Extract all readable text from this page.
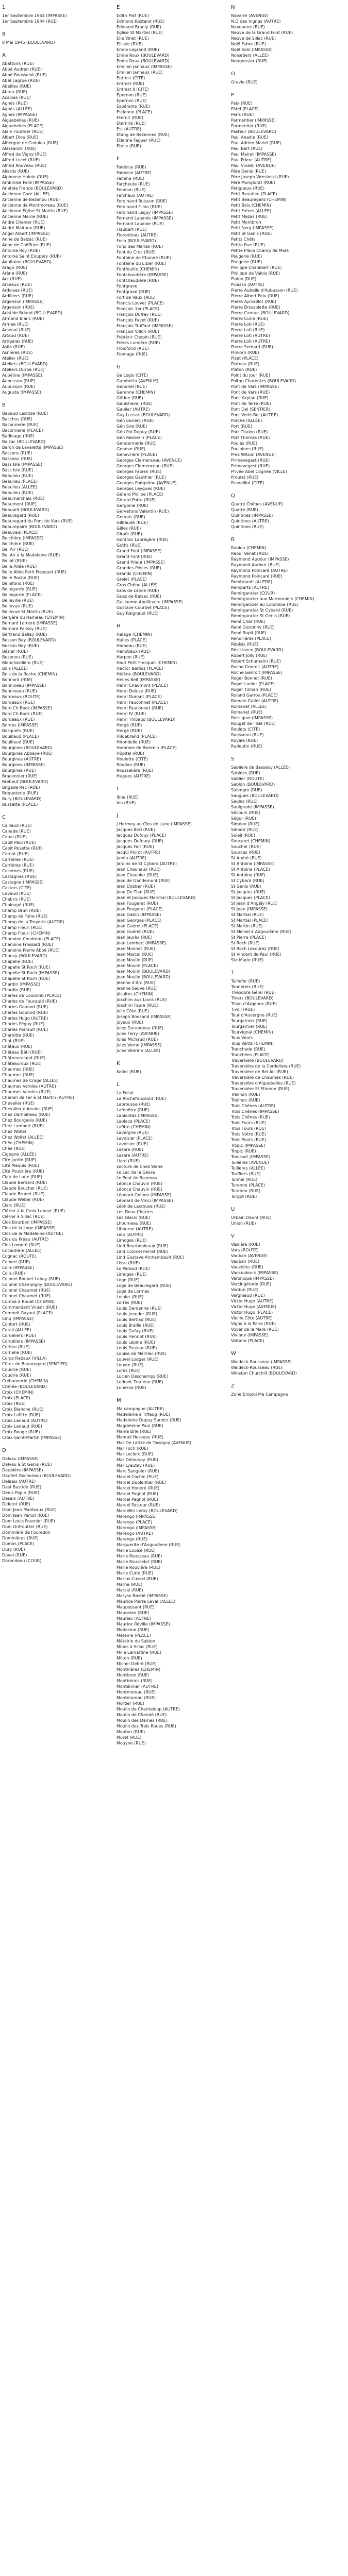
1
1er Septembre 1944 (IMPASSE)
1er Septembre 1944 (RUE)
8
8 Mai 1945 (BOULEVARD)
A
Abattoirs (RUE)
Abbé Audren (RUE)
Abbé Rousselot (RUE)
Abel Lagrue (RUE)
Abeilles (RUE)
Abreu (RUE)
Acacias (RUE)
Agnès (RUE)
Agnès (ALLÉE)
Agnes (IMPASSE)
Aiguebelles (RUE)
Aiguebelles (PLACE)
Alain Fournier (RUE)
Albert Diou (RUE)
Albergue de Cadaleu (RUE)
Alessandri (RUE)
Alfred de Vigny (RUE)
Alfred Lucet (RUE)
Alfred Rouveau (RUE)
Allards (RUE)
Alphonse Haloin (RUE)
Ambroise Paré (IMPASSE)
Anatole France (BOULEVARD)
Ancienne Gare (ALLÉE)
Ancienne de Bezenou (RUE)
Ancienne de Montmoreau (RUE)
Ancienne Église St Martin (RUE)
Ancienne Mairie (RUE)
André Chenier (RUE)
André Malraux (RUE)
Angel Albert (IMPASSE)
Anne de Balzac (RUE)
Anne de Coëffure (RUE)
Antoine Roy (RUE)
Antoine Saint Exupéry (RUE)
Aquitaine (BOULEVARD)
Arago (RUE)
Arène (RUE)
Arc (RUE)
Arceaux (RUE)
Ardoises (RUE)
Ardilliers (RUE)
Argenson (IMPASSE)
Argenson (RUE)
Aristide Briand (BOULEVARD)
Armand Blanc (RUE)
Armée (RUE)
Arsenal (RUE)
Artaud (RUE)
Artigalas (RUE)
Asile (RUE)
Asnières (RUE)
Atelier (RUE)
Ateliers (BOULEVARD)
Ateliers Durbe (RUE)
Aubéline (IMPASSE)
Aubusson (RUE)
Aubusson (RUE)
Auguste (IMPASSE)
B
Babaud Lacroze (RUE)
Bacchus (RUE)
Baconnerie (RUE)
Baconnerie (PLACE)
Badinage (RUE)
Balzac (BOULEVARD)
Baron de Lavalette (IMPASSE)
Bassens (RUE)
Basseau (RUE)
Bass Isle (IMPASSE)
Bass Isle (RUE)
Beaulieu (RUE)
Beaulieu (PLACE)
Beaulieu (ALLÉE)
Beaulieu (RUE)
Beaumarchais (RUE)
Beaumont (RUE)
Beaupré (BOULEVARD)
Beauregard (RUE)
Beauregard du Pont de Vars (RUE)
Beaurepaire (BOULEVARD)
Beauvais (PLACE)
Belchière (IMPASSE)
Belchière (RUE)
Bel Air (RUE)
Bel Air à la Madeleine (RUE)
Bellat (RUE)
Belle Allée (RUE)
Belle Allée Petit Fresquet (RUE)
Belle Roche (RUE)
Bellefond (RUE)
Bellegarde (RUE)
Bellegarde (PLACE)
Belleville (RUE)
Bellevue (RUE)
Bellevue St Martin (RUE)
Bergère du Hameau (CHEMIN)
Bernard Lomeré (IMPASSE)
Bernard Palissy (RUE)
Bertrand Ballay (RUE)
Besson Bey (BOULEVARD)
Besson Bey (RUE)
Bézier (RUE)
Bezenou (RUE)
Blanchardière (RUE)
Bois (ALLÉE)
Bois de la Roche (CHEMIN)
Bonnard (RUE)
Bonniveau (IMPASSE)
Bonniveau (RUE)
Bordeaux (ROUTE)
Bordeaux (RUE)
Bord Ch.Bock (IMPASSE)
Bord Ch.Bock (RUE)
Bordeaux (RUE)
Bordes (IMPASSE)
Bosquets (RUE)
Bouillaud (PLACE)
Bouillaud (RUE)
Bourgines (BOULEVARD)
Bourgines Abbaye (RUE)
Bourgines (AUTRE)
Bourgines (IMPASSE)
Bourgines (RUE)
Braconnier (RUE)
Brebeuf (BOULEVARD)
Brigade Rac (RUE)
Briqueterie (RUE)
Bury (BOULEVARD)
Bussatte (PLACE)
C
Caillaud (RUE)
Canada (RUE)
Canal (RUE)
Capit Paul (RUE)
Capit Rosette (RUE)
Carnot (RUE)
Carrières (RUE)
Carrières (RUE)
Casernes (RUE)
Castagnes (RUE)
Castagne (IMPASSE)
Castors (CITÉ)
Cavaud (RUE)
Chabris (RUE)
Chaloupé (RUE)
Champ Brun (RUE)
Champ de Foire (RUE)
Champ de la Treyerie (AUTRE)
Champ Fleuri (RUE)
Champ Fleuri (CHEMIN)
Chanoine Coudreau (PLACE)
Chanoine Frossard (RUE)
Chanoine Pierre Abbé (RUE)
Chanzy (BOULEVARD)
Chapelle (RUE)
Chapelle St Roch (RUE)
Chapelle St Roch (IMPASSE)
Chapelle St Roch (RUE)
Chardin (IMPASSE)
Chardin (RUE)
Charles de Coulomb (PLACE)
Charles de Foucauld (RUE)
Charles Gounod (RUE)
Charles Gounod (RUE)
Charles Hugo (AUTRE)
Charles Péguy (RUE)
Charles Perrault (RUE)
Charlotte (RUE)
Chat (RUE)
Châtaux (RUE)
Château Bâti (RUE)
Châteauroland (RUE)
Châteauroux (RUE)
Chaumes (RUE)
Chaumes (RUE)
Chaumes de Crage (ALLÉE)
Chaumes Varoles (AUTRE)
Chaumes Varoles (RUE)
Chemin de Fer à St Martin (AUTRE)
Chevalier (RUE)
Chevalier d'Anaies (RUE)
Chez Darnoilleau (RUE)
Chez Bourgeois (RUE)
Chez Lambert (RUE)
Chez Wollet
Chez Wollet (ALLÉE)
Chêe (CHEMIN)
Chêe (RUE)
Cigogne (ALLÉE)
Cité Jardin (RUE)
Cité Maquis (RUE)
Cité Poudrière (RUE)
Clair de Lune (RUE)
Claude Bernard (RUE)
Claude Boucher (RUE)
Claude Brunet (RUE)
Claude Weber (RUE)
Clerc (RUE)
Clérier à la Croix Lahaut (RUE)
Clérier à Sillac (RUE)
Clos Bourbon (IMPASSE)
Clos de la Loge (IMPASSE)
Clos de la Madeleine (AUTRE)
Clos du Préau (AUTRE)
Clos Lomeré (RUE)
Cocardière (ALLÉE)
Cognac (ROUTE)
Colbert (RUE)
Colis (IMPASSE)
Colis (RUE)
Colonel Bonnet Lobay (RUE)
Colonel Champigny (BOULEVARD)
Colonel Chaumet (RUE)
Colonel Chaumet (RUE)
Combe à Rouet (CHEMIN)
Commandant Vinsot (RUE)
Commdt Rayaul (PLACE)
Cinq (IMPASSE)
Confort (RUE)
Corail (ALLÉE)
Cordeliers (RUE)
Cordeliers (IMPASSE)
Corlieu (RUE)
Cornelle (RUE)
Corps Rabaux (VILLA)
Côtes de Beauregard (SENTIER)
Coudrie (RUE)
Coudrie (RUE)
Crebannerie (CHEMIN)
Crimée (BOULEVARD)
Croix (CHEMIN)
Croix (PLACE)
Croix (RUE)
Croix Blanche (RUE)
Croix Lafitte (RUE)
Croix Lanaud (AUTRE)
Croix Lanaud (RUE)
Croix Rouge (RUE)
Croix-Saint-Martin (IMPASSE)
D
Dalvau (IMPASSE)
Dalvau à St Genis (RUE)
Daubière (IMPASSE)
Daufert Rochereau (BOULEVARD)
Delaais (AUTRE)
Dest Bastide (RUE)
Denis Papin (RUE)
Desaix (AUTRE)
Diderot (RUE)
Dom Jean Marévaux (RUE)
Dom Jean Penoit (RUE)
Dom Louis Fournier (RUE)
Dom Onfroutter (RUE)
Dominière de Fouredon
Dominières (RUE)
Dumas (PLACE)
Dury (RUE)
Duval (RUE)
Dorandeau (COUR)
E
Edith Piaf (RUE)
Edmond Rostand (RUE)
Edouard Branly (RUE)
Église St Martial (RUE)
Elie Vinet (RUE)
Ellisée (RUE)
Emile Legrand (RUE)
Émile Roux (BOULEVARD)
Émile Roux (BOULEVARD)
Emilien Jannaux (IMPASSE)
Emilien Jannaux (RUE)
Entrest (CITÉ)
Entrest (RUE)
Entrest II (CITÉ)
Épernon (RUE)
Épernon (RUE)
Espérants (RUE)
Estienne (PLACE)
Eternit (RUE)
Eternité (RUE)
Est (AUTRE)
Étang de Bezennes (RUE)
Étienne Faguer (RUE)
Étoile (RUE)
F
Faidoise (RUE)
Faidoise (AUTRE)
Famine (RUE)
Farcheute (RUE)
Fenelon (RUE)
Ferchaux (AUTRE)
Ferdinand Buisson (RUE)
Ferdinand Fillon (RUE)
Ferdinand Leguy (IMPASSE)
Fernand Lapanie (IMPASSE)
Fernand Lapanie (RUE)
Flaubert (RUE)
Florentines (AUTRE)
Foch (BOULEVARD)
Fond des Marias (RUE)
Font du Croc (RUE)
Fontaine de Chandé (RUE)
Fontaine du Lizier (RUE)
Fontfeuille (CHEMIN)
Fontchaudière (IMPASSE)
Fontchaudière (RUE)
Fontgrave
Fontgrave (RUE)
Fort de Vaux (RUE)
Francis Louvet (PLACE)
François 1er (PLACE)
François Dufray (RUE)
François Favet (RUE)
François Truffaut (IMPASSE)
François Villon (RUE)
Frédéric Chopin (RUE)
Frères Lumière (RUE)
Froidfond (RUE)
Fromage (RUE)
G
Ga Logis (CITÉ)
Gambetta (AVENUE)
Gandhel (RUE)
Garenne (CHEMIN)
Gâtine (RUE)
Gaulcheval (RUE)
Gaulier (AUTRE)
Gay Lussac (BOULEVARD)
Gén Leclerc (RUE)
Gén Sire (RUE)
Gén Pol Dupuy (RUE)
Gén Resnerin (PLACE)
Gendarmerie (RUE)
Genève (RUE)
Genevrière (PLACE)
Georges Clemenceau (AVENUE)
Georges Clemenceau (RUE)
Georges Fabien (RUE)
Georges Gauthier (RUE)
Georges Pompidou (AVENUE)
Georges Leygues (RUE)
Gérard Philipe (PLACE)
Gérard Potte (RUE)
Gergonie (RUE)
Gervetons Valentin (RUE)
Gervais (RUE)
Gilbaudé (RUE)
Gilles (RUE)
Girafe (RUE)
Gontran Labrégère (RUE)
Goths (RUE)
Grand Font (IMPASSE)
Grand Font (RUE)
Grand Prieur (IMPASSE)
Grandes Pièces (RUE)
Grands (CHEMIN)
Grelet (PLACE)
Gros Chêne (ALLÉE)
Gros de Lance (RUE)
Guez de Balzac (RUE)
Guillaume Apollinaire (IMPASSE)
Gustave Courbet (PLACE)
Guy Raignaud (RUE)
H
Halage (CHEMIN)
Halles (PLACE)
Hameau (RUE)
Hanotiaux (RUE)
Harpon (RUE)
Haut Petit Fresquet (CHEMIN)
Hector Berlioz (PLACE)
Hélène (BOULEVARD)
Helles Bell (IMPASSE)
Henri Chaumont (PLACE)
Henri Deluze (RUE)
Henri Dunant (PLACE)
Henri Fauconnet (PLACE)
Henri Fauconnet (RUE)
Henri IV (RUE)
Henri Thibaud (BOULEVARD)
Hergé (RUE)
Hergé (RUE)
Hildebrand (PLACE)
Hirondelle (RUE)
Hommes de Bezenin (PLACE)
Hôpital (RUE)
Houlette (CITÉ)
Roudan (RUE)
Rousselière (RUE)
Hugues (AUTRE)
I
Ibna (RUE)
Iris (RUE)
J
J Hermey au Clos de Lune (IMPASSE)
Jacques Brel (RUE)
Jacques Dufouy (PLACE)
Jacques Dufoury (RUE)
Jacques Fait (RUE)
Jacqui Poirot (AUTRE)
Jamin (AUTRE)
Jardins de St Cybard (AUTRE)
Jean Chaunaux (RUE)
Jean Chaunier (RUE)
Jean de Gandemont (RUE)
Jean Dobber (RUE)
Jean De Tian (RUE)
Jean et Jacques Marchal (BOULEVARD)
Jean Fougerat (RUE)
Jean Fougerat (PLACE)
Jean Gabin (IMPASSE)
Jean Georges (PLACE)
Jean Guéret (PLACE)
Jean Guéret (RUE)
Jean Jaurès (RUE)
Jean Lambert (IMPASSE)
Jean Monnet (RUE)
Jean Marcel (RUE)
Jean Moulin (RUE)
Jean Moulin (PLACE)
Jean Moulin (BOULEVARD)
Jean Moulin (BOULEVARD)
Jeanne d'Arc (RUE)
Jeanne Sauve (RUE)
Jésuites (CHEMIN)
Joachim aux Lions (RUE)
Joachim Faure (RUE)
Jolie Côte (RUE)
Joseph Bodsand (IMPASSE)
Joyeux (RUE)
Jules Durandeau (RUE)
Jules Ferry (AVENUE)
Jules Michaud (RUE)
Jules Verne (IMPASSE)
Jules Védrine (ALLÉE)
K
Keller (RUE)
L
La Foliat
La Rochefoucauld (RUE)
Labrousse (RUE)
Lafenêtre (RUE)
Lapiantas (IMPASSE)
Laplace (PLACE)
Lafitte (CHEMIN)
Lavergne (RUE)
Lavoisier (PLACE)
Lavoisier (RUE)
Lazare (RUE)
Lazare (AUTRE)
Liard (RUE)
Lecture de Chez Wehe
Le Lac de la Gesse
Le Pont de Bezenou
Léonce Chauvin (RUE)
Léonce Chauvin (RUE)
Léonard Goinon (IMPASSE)
Léonard de Vinci (IMPASSE)
Léonide Lacrouse (RUE)
Les Deux Chartes
Les Glacis (RUE)
Lhoumeau (RUE)
Libourne (AUTRE)
Lido (AUTRE)
Limoges (RUE)
Lind Bourbouleaux (RUE)
Lind Colonel Ferrat (RUE)
Lind Gustave Archambault (RUE)
Lisse (RUE)
Lo Paraud (RUE)
Limoges (RUE)
Loge (RUE)
Loge de Beauregard (RUE)
Loge de Lormes
Loinier (RUE)
Lorrés (RUE)
Louis Dardenne (RUE)
Louis Jeander (RUE)
Louis Bertiad (RUE)
Louis Braille (RUE)
Louis Dufay (RUE)
Louis Henriot (RUE)
Louis Lépine (RUE)
Louis Pasteur (RUE)
Louise de Mérillac (RUE)
Louvel Lodger (RUE)
Louvre (RUE)
Lorès (RUE)
Lucien Deschamps (RUE)
Ludovic Trarieux (RUE)
Lunesse (RUE)
M
Ma campagne (AUTRE)
Madeleine à Tiffaug (RUE)
Madeleine Dupuy Sarnicr (RUE)
Magdeleine Paul (RUE)
Maine Brie (RUE)
Manuel Hesseau (RUE)
Mar De Lattre de Tassigny (AVENUE)
Mar Foch (RUE)
Mar Leclerc (RUE)
Mar Delaunay (RUE)
Mar Lyautey (RUE)
Marc Sangnier (RUE)
Marcel Cachin (RUE)
Marcel Duplantier (RUE)
Marcel Honoré (RUE)
Marcel Pagnol (RUE)
Marcel Pagnol (RUE)
Marcel Pasteur (RUE)
Marcellin Leroy (BOULEVARD)
Marengo (IMPASSE)
Marengo (PLACE)
Marengo (IMPASSE)
Marengo (AUTRE)
Marengo (RUE)
Marguerite d'Angoulême (RUE)
Marie Louise (RUE)
Marie Rousseau (RUE)
Marie Rousselot (RUE)
Marie Rouvière (RUE)
Marie Curie (RUE)
Marius Cussel (RUE)
Marne (RUE)
Marsal (RUE)
Maryse Bastié (IMPASSE)
Maurice Pierre Laval (ALLÉE)
Maupassant (RUE)
Mauselan (RUE)
Mauriac (AUTRE)
Maurice Réville (IMPASSE)
Medacine (RUE)
Métairie (PLACE)
Métairie du Sablon
Mines à Sillac (RUE)
Mille Lamartine (RUE)
Milton (RUE)
Michel Debré (RUE)
Monthières (CHEMIN)
Montbron (RUE)
Montbérais (RUE)
Montélimar (AUTRE)
Montmoreau (RUE)
Montmoreau (RUE)
Mortier (RUE)
Moulin de Chanteloup (AUTRE)
Moulin de Chandé (RUE)
Moulin des Dames (RUE)
Moulin des Trois Roues (RUE)
Mouton (RUE)
Muret (RUE)
Mouyne (RUE)
N
Navarre (AVENUE)
N.D des Vignes (AUTRE)
Naveanne (RUE)
Neuve de la Grand Font (RUE)
Neuve de Sillac (RUE)
Noël Fabre (RUE)
Noël Kahl (IMPASSE)
Noisetiers (ALLÉE)
Nongensier (RUE)
O
Oravie (RUE)
P
Paix (RUE)
Pâtel (PLACE)
Paris (RUE)
Parmentier (IMPASSE)
Parmentier (RUE)
Pasteur (BOULEVARD)
Paul Abadie (RUE)
Paul Adrien Mariel (RUE)
Paul Bert (RUE)
Paul Mairat (IMPASSE)
Paul Prieur (AUTRE)
Paul Vivaldi (AVENUE)
Pére Denis (RUE)
Père Joseph Wresinski (RUE)
Pére Monglorat (RUE)
Périgueux (RUE)
Petit Beaulieu (PLACE)
Petit Beauregard (CHEMIN)
Petit Bois (CHEMIN)
Petit Frères (ALLÉE)
Petit Mazas (RUE)
Petit Montbron
Petit Nerg (IMPASSE)
Petit St Genis (RUE)
Petits Chêts
Petite Rue (RUE)
Petite Place Champ de Mars
Peugerie (RUE)
Peugerie (RUE)
Philippe Chalabert (RUE)
Philippe de Valois (RUE)
Pialon (RUE)
Picasso (AUTRE)
Pierre Aubelle d'Aubusson (RUE)
Pierre Albert Pelv (RUE)
Pierre Aymaillot (RUE)
Pierre Brossolette (RUE)
Pierre Cannus (BOULEVARD)
Pierre Curie (RUE)
Pierre Loti (RUE)
Pierre Loti (RUE)
Pierre Loti (AUTRE)
Pierre Loti (AUTRE)
Pierre Semard (RUE)
Pinkorn (RUE)
Pizet (PLACE)
Plateau (RUE)
Platon (RUE)
Point du Jour (RUE)
Poitou Charentes (BOULEVARD)
Pont de Vars (IMPASSE)
Pont de Vars (RUE)
Pont Kaplan (RUE)
Pont de Terre (RUE)
Pont Del (SENTIER)
Pont Verlé-Bel (AUTRE)
Porche (ALLÉE)
Port (RUE)
Port Chalon (RUE)
Port Thomas (RUE)
Poules (RUE)
Poulaines (RUE)
Pres Wilson (AVENUE)
Primevegest (RUE)
Primevegest (RUE)
Privée Abel Cognée (VILLE)
Proulet (RUE)
Pruneillot (CITÉ)
Q
Quatre Chênes (AVENUE)
Quatre (RUE)
Quintines (IMPASSE)
Quintines (AUTRE)
Quintines (RUE)
R
Rabion (CHEMIN)
Raoul Venat (RUE)
Raymond Audour (IMPASSE)
Raymond Audour (RUE)
Raymond Poincaré (AUTRE)
Raymond Poincaré (RUE)
Rembrandt (AUTRE)
Remparts (AUTRE)
Remirgancier (COUR)
Remirgancier aux Marronniers (CHEMIN)
Remirgancier au Colombie (RUE)
Remirgancier St Cybard (RUE)
Remirgancier St Genis (RUE)
René Char (RUE)
René Goscinny (RUE)
René Rapit (RUE)
Renollières (PLACE)
Répisis (RUE)
Résistance (BOULEVARD)
Robert Jolly (RUE)
Robert Schumann (RUE)
Roche Genrolt (AUTRE)
Roche Genrolt (IMPASSE)
Roger Bonnet (RUE)
Roger Lanier (PLACE)
Roger Tilman (RUE)
Roland Garros (PLACE)
Romain Gallet (AUTRE)
Romanet (ALLÉE)
Romanet (RUE)
Rossignol (IMPASSE)
Rouget de l'Isle (RUE)
Roulets (CITÉ)
Rousseau (RUE)
Royale (RUE)
Rudeutin (RUE)
S
Sablière de Bassaoy (ALLÉE)
Sablées (RUE)
Sablier (ROUTE)
Sablon (BOULEVARD)
Salengro (RUE)
Saugues (BOULEVARD)
Saules (RUE)
Saulgrade (IMPASSE)
Sécours (RUE)
Ségur (RUE)
Siméon (RUE)
Simard (RUE)
Soleil (RUE)
Soucaret (CHEMIN)
Soucher (RUE)
Sources (RUE)
St André (RUE)
St Antoine (IMPASSE)
St Antoine (PLACE)
St Antoine (RUE)
St Cybard (RUE)
St Genis (RUE)
St Jacques (RUE)
St Jacques (PLACE)
St Jean d'Angély (RUE)
St Jean (IMPASSE)
St Martial (RUE)
St Martial (PLACE)
St Martin (RUE)
St Michel à Angoulême (RUE)
St Pierre (PLACE)
St Roch (RUE)
St Roch Lecourez (RUE)
St Vincent de Paul (RUE)
Ste Marie (RUE)
T
Taillefer (RUE)
Tanneries (RUE)
Théodore Gérel (RUE)
Thiers (BOULEVARD)
Tison d'Argence (RUE)
Tivoli (RUE)
Tour d'Auvergne (RUE)
Tourgarnier (RUE)
Tourgarnier (RUE)
Tourvignal (CHEMIN)
Tous Vents
Tous Vents (CHEMIN)
Tranchade (RUE)
Tranchées (PLACE)
Traversière (BOULEVARD)
Traversière de la Cordeliere (RUE)
Traversière de Bel Air (RUE)
Traversière de Chaumes (RUE)
Traversière d'Aiguebelles (RUE)
Traversière St Etienne (RUE)
Treilhon (RUE)
Treilhon (RUE)
Trois Chênes (AUTRE)
Trois Chênes (IMPASSE)
Trois Chênes (RUE)
Trois Fours (RUE)
Trois Fours (RUE)
Trois Notre (RUE)
Trois Ponts (RUE)
Tropic (IMPASSE)
Tropic (RUE)
Trousset (IMPASSE)
Tuilières (AVENUE)
Tuilières (ALLÉE)
Truffiers (RUE)
Tunnel (RUE)
Turenne (PLACE)
Turenne (RUE)
Turgot (RUE)
U
Urbain Daunt (RUE)
Union (RUE)
V
Vaslière (RUE)
Vars (ROUTE)
Vauban (AVENUE)
Vauban (RUE)
Vauzelles (RUE)
Vaucouleurs (IMPASSE)
Véronique (IMPASSE)
Vercingétorix (RUE)
Verdun (RUE)
Vergniaud (RUE)
Victor Hugo (AUTRE)
Victor Hugo (AVENUE)
Victor Hugo (PLACE)
Vieille Côte (AUTRE)
Vigne à la Paire (RUE)
Voyer de la Mare (RUE)
Viviane (IMPASSE)
Voltaire (PLACE)
W
Waldeck-Rousseau (IMPASSE)
Waldeck-Rousseau (RUE)
Winston Churchill (BOULEVARD)
Z
Zone Emploi Ma Campagne
